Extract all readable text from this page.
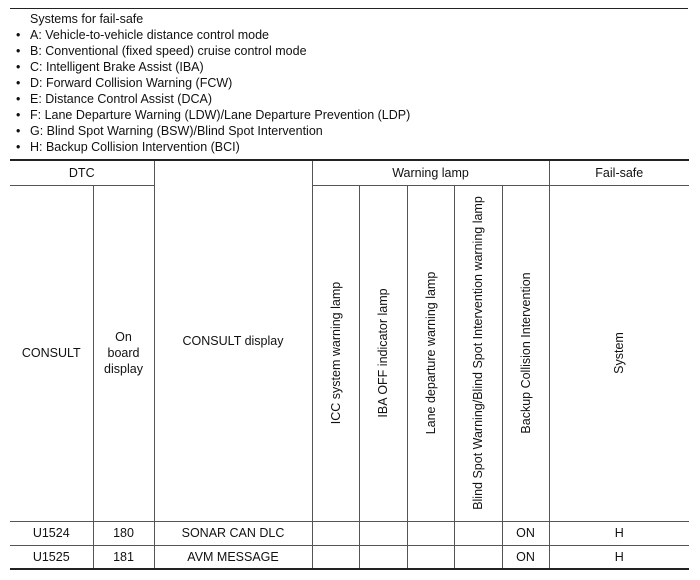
Systems for fail-safe
• A: Vehicle-to-vehicle distance control mode
• B: Conventional (fixed speed) cruise control mode
• C: Intelligent Brake Assist (IBA)
• D: Forward Collision Warning (FCW)
• E: Distance Control Assist (DCA)
• F: Lane Departure Warning (LDW)/Lane Departure Prevention (LDP)
• G: Blind Spot Warning (BSW)/Blind Spot Intervention
• H: Backup Collision Intervention (BCI)
DTC		CONSULT display	Warning lamp					Fail-safe
CONSULT	On board display		ICC system warning lamp	IBA OFF indicator lamp	Lane departure warning lamp	Blind Spot Warning/Blind Spot Intervention warning lamp	Backup Collision Intervention	System

U1524	180	SONAR CAN DLC					ON	H
U1525	181	AVM MESSAGE					ON	H
